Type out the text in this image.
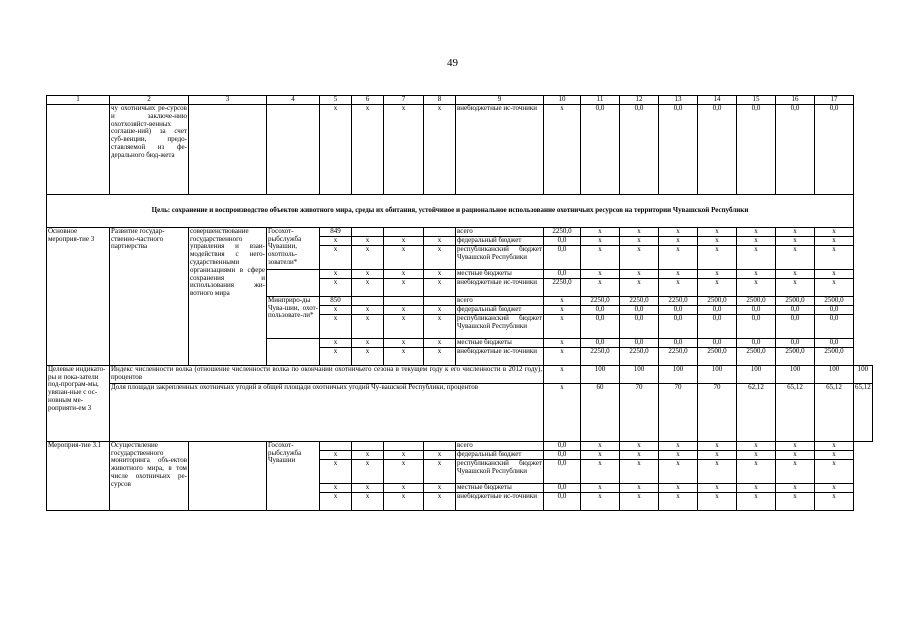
49
1	2	3	4	5	6	7	8	9	10	11	12	13	14	15	16	17	
	чу охотничьих ре-сурсов и заключе-нию охотхозяйст-венных соглаше-ний) за счет суб-венции, предо-ставляемой из фе-дерального бюд-жета			x	x	x	x	внебюджетные ис-точники	x	0,0	0,0	0,0	0,0	0,0	0,0	0,0	
Цель: сохранение и воспроизводство объектов животного мира, среды их обитания, устойчивое и рациональное использование охотничьих ресурсов на территории Чувашской Республики																	
Основное мероприя-тие 3	Развитие государ-ственно-частного партнерства	совершенствование государственного управления и взаи-модействия с него-сударственными организациями в сфере сохранения и использования жи-вотного мира	Госохот-рыбслужба Чувашии, охотполь-зователи*	849				всего	2250,0	x	x	x	x	x	x	x	
				x	x	x	x	федеральный бюджет	0,0	x	x	x	x	x	x	x	
				x	x	x	x	республиканский бюджет Чувашской Республики	0,0	x	x	x	x	x	x	x	
				x	x	x	x	местные бюджеты	0,0	x	x	x	x	x	x	x	
				x	x	x	x	внебюджетные ис-точники	2250,0	x	x	x	x	x	x	x	
			Минприро-ды Чува-шии, охот-пользовате-ли*	850				всего	x	2250,0	2250,0	2250,0	2500,0	2500,0	2500,0	2500,0	
				x	x	x	x	федеральный бюджет	x	0,0	0,0	0,0	0,0	0,0	0,0	0,0	
				x	x	x	x	республиканский бюджет Чувашской Республики	x	0,0	0,0	0,0	0,0	0,0	0,0	0,0	
				x	x	x	x	местные бюджеты	x	0,0	0,0	0,0	0,0	0,0	0,0	0,0	
				x	x	x	x	внебюджетные ис-точники	x	2250,0	2250,0	2250,0	2500,0	2500,0	2500,0	2500,0	
Целевые индикато-ры и пока-затели под-програм-мы, увязан-ные с ос-новным ме-роприяти-ем 3	Индекс численности волка (отношение численности волка по окончании охотничьего сезона в текущем году к его численности в 2012 году), процентов								x	100	100	100	100	100	100	100	100
	Доля площади закрепленных охотничьих угодий в общей площади охотничьих угодий Чу-вашской Республики, процентов								x	60	70	70	70	62,12	65,12	65,12	65,12
Мероприя-тие 3.1	Осуществление государственного мониторинга объ-ектов животного мира, в том числе охотничьих ре-сурсов		Госохот-рыбслужба Чувашии					всего	0,0	x	x	x	x	x	x	x	
				x	x	x	x	федеральный бюджет	0,0	x	x	x	x	x	x	x	
				x	x	x	x	республиканский бюджет Чувашской Республики	0,0	x	x	x	x	x	x	x	
				x	x	x	x	местные бюджеты	0,0	x	x	x	x	x	x	x	
				x	x	x	x	внебюджетные ис-точники	0,0	x	x	x	x	x	x	x	
